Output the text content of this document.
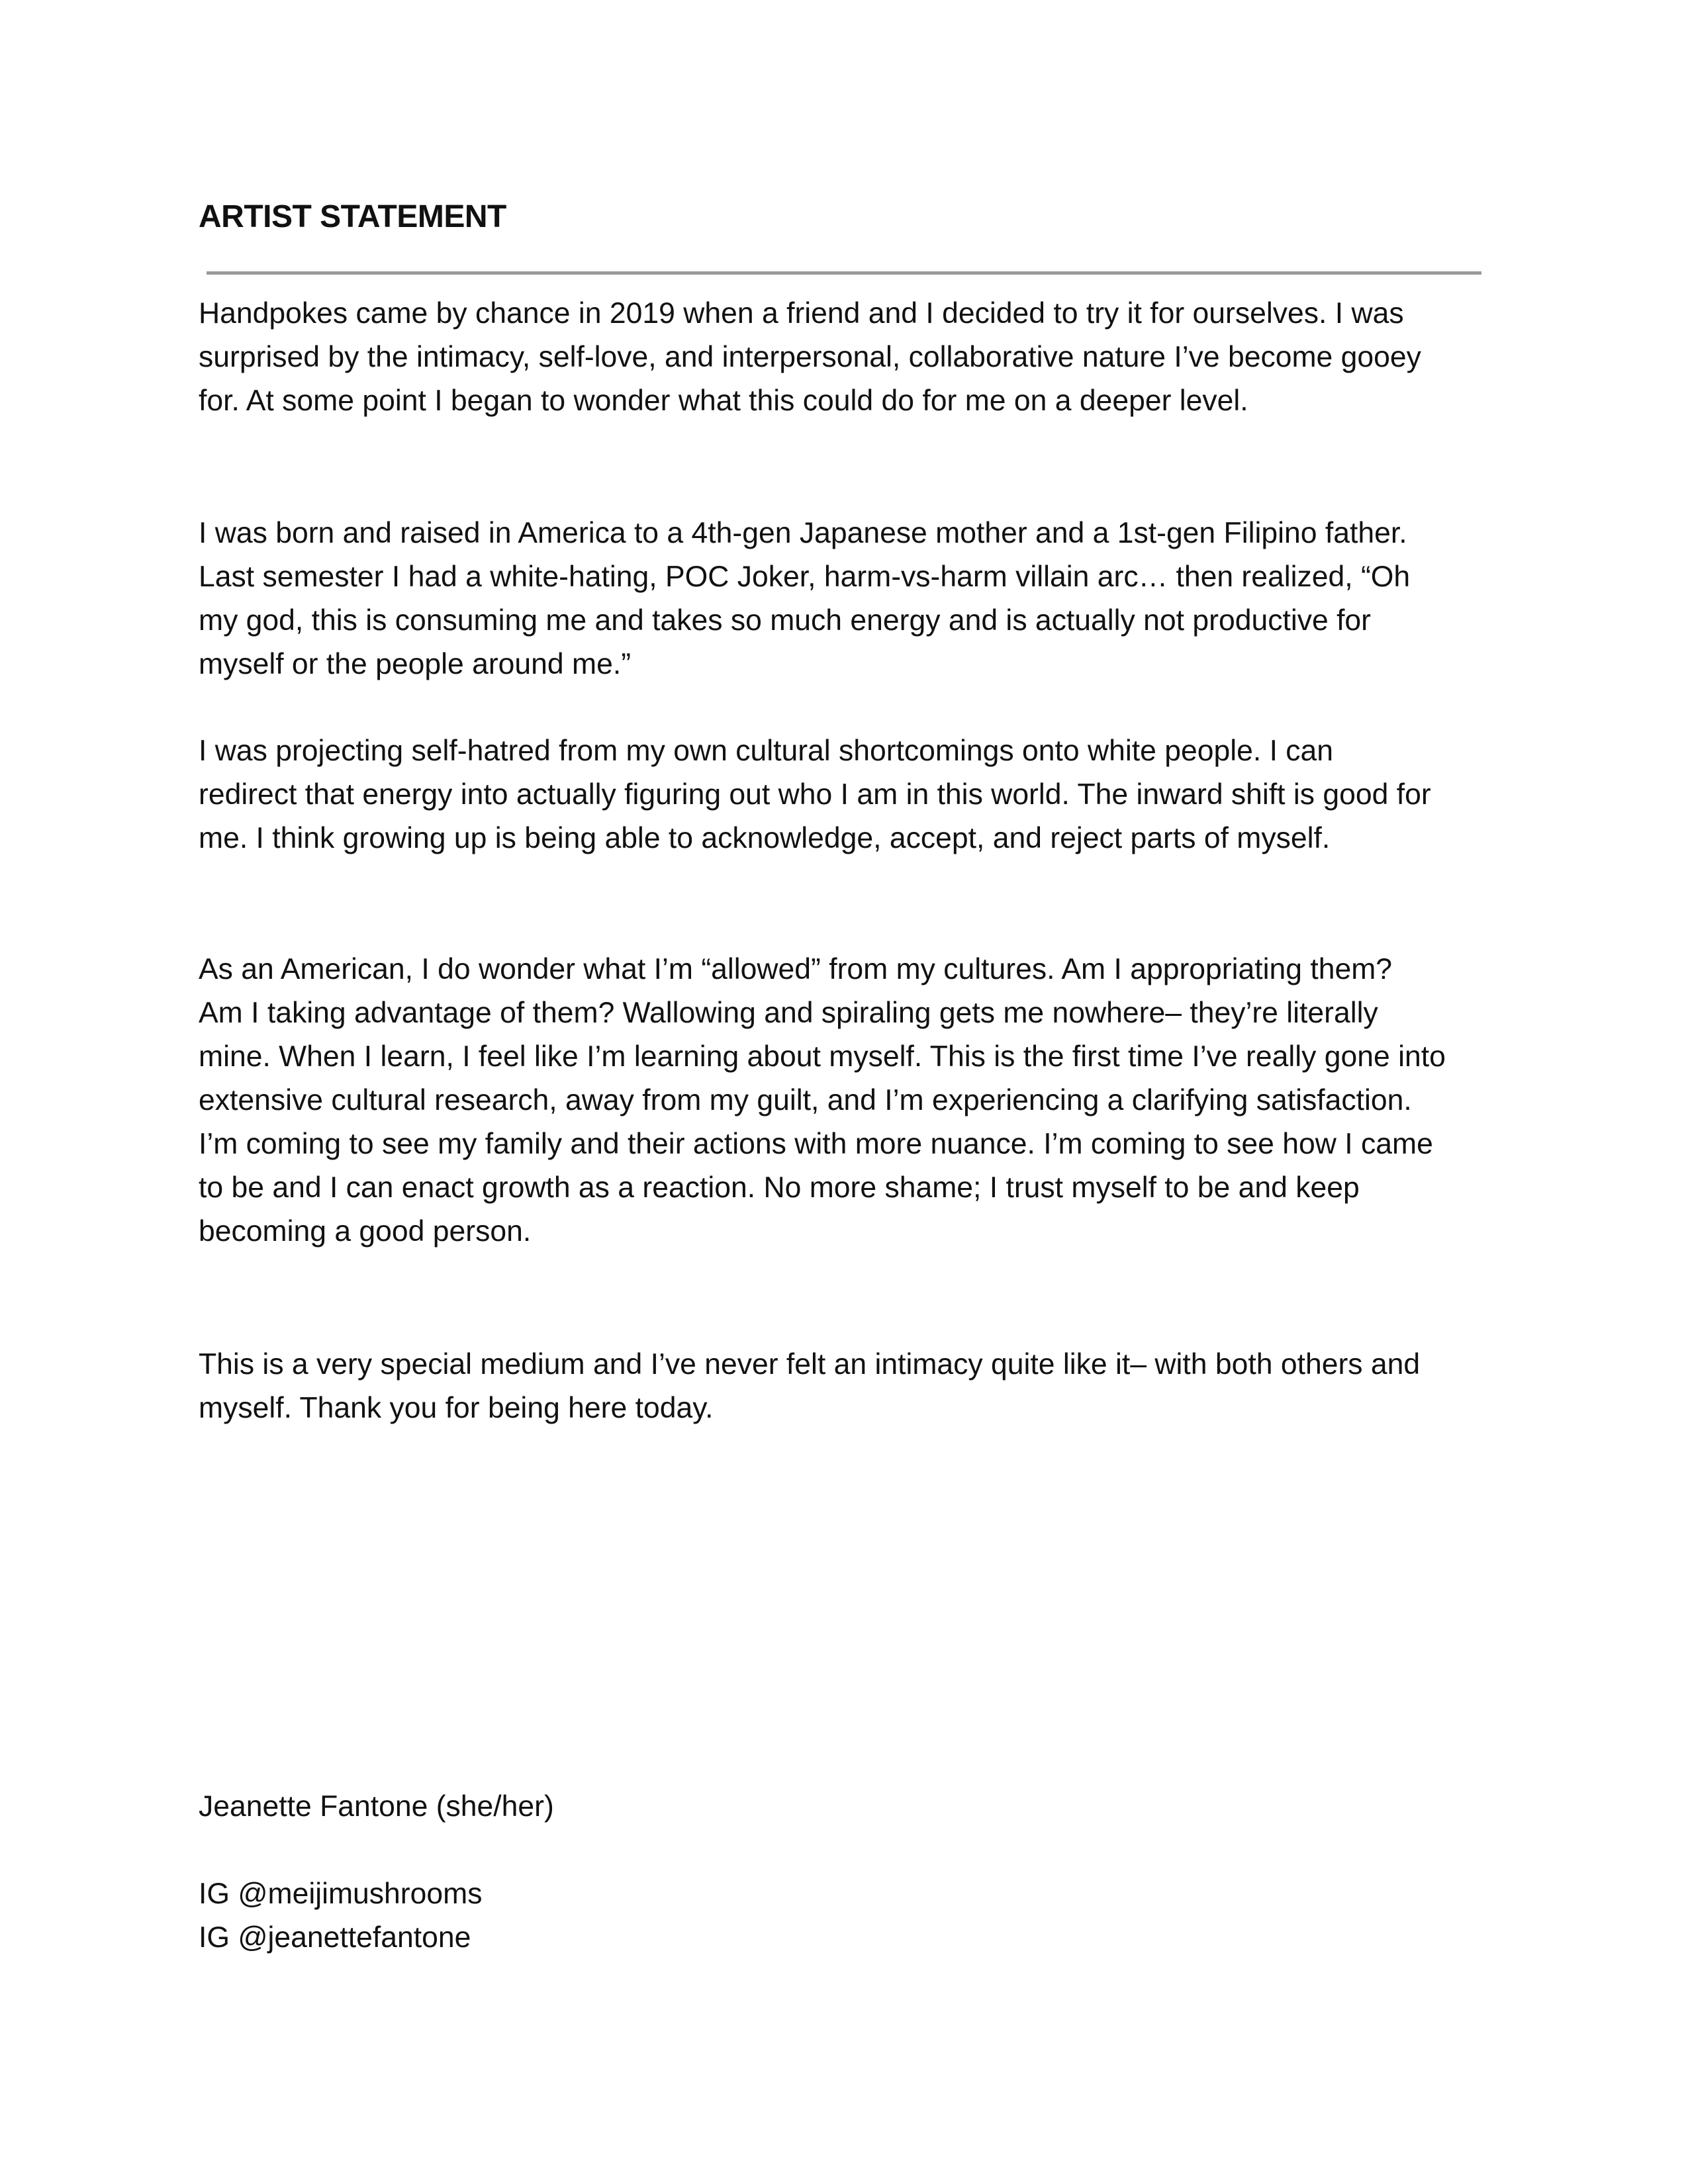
ARTIST STATEMENT

Handpokes came by chance in 2019 when a friend and I decided to try it for ourselves. I was
surprised by the intimacy, self-love, and interpersonal, collaborative nature I’ve become gooey
for. At some point I began to wonder what this could do for me on a deeper level.

I was born and raised in America to a 4th-gen Japanese mother and a 1st-gen Filipino father.
Last semester I had a white-hating, POC Joker, harm-vs-harm villain arc… then realized, “Oh
my god, this is consuming me and takes so much energy and is actually not productive for
myself or the people around me.”

I was projecting self-hatred from my own cultural shortcomings onto white people. I can
redirect that energy into actually figuring out who I am in this world. The inward shift is good for
me. I think growing up is being able to acknowledge, accept, and reject parts of myself.

As an American, I do wonder what I’m “allowed” from my cultures. Am I appropriating them?
Am I taking advantage of them? Wallowing and spiraling gets me nowhere– they’re literally
mine. When I learn, I feel like I’m learning about myself. This is the first time I’ve really gone into
extensive cultural research, away from my guilt, and I’m experiencing a clarifying satisfaction.
I’m coming to see my family and their actions with more nuance. I’m coming to see how I came
to be and I can enact growth as a reaction. No more shame; I trust myself to be and keep
becoming a good person.

This is a very special medium and I’ve never felt an intimacy quite like it– with both others and
myself. Thank you for being here today.

Jeanette Fantone (she/her)
IG @meijimushrooms
IG @jeanettefantone
